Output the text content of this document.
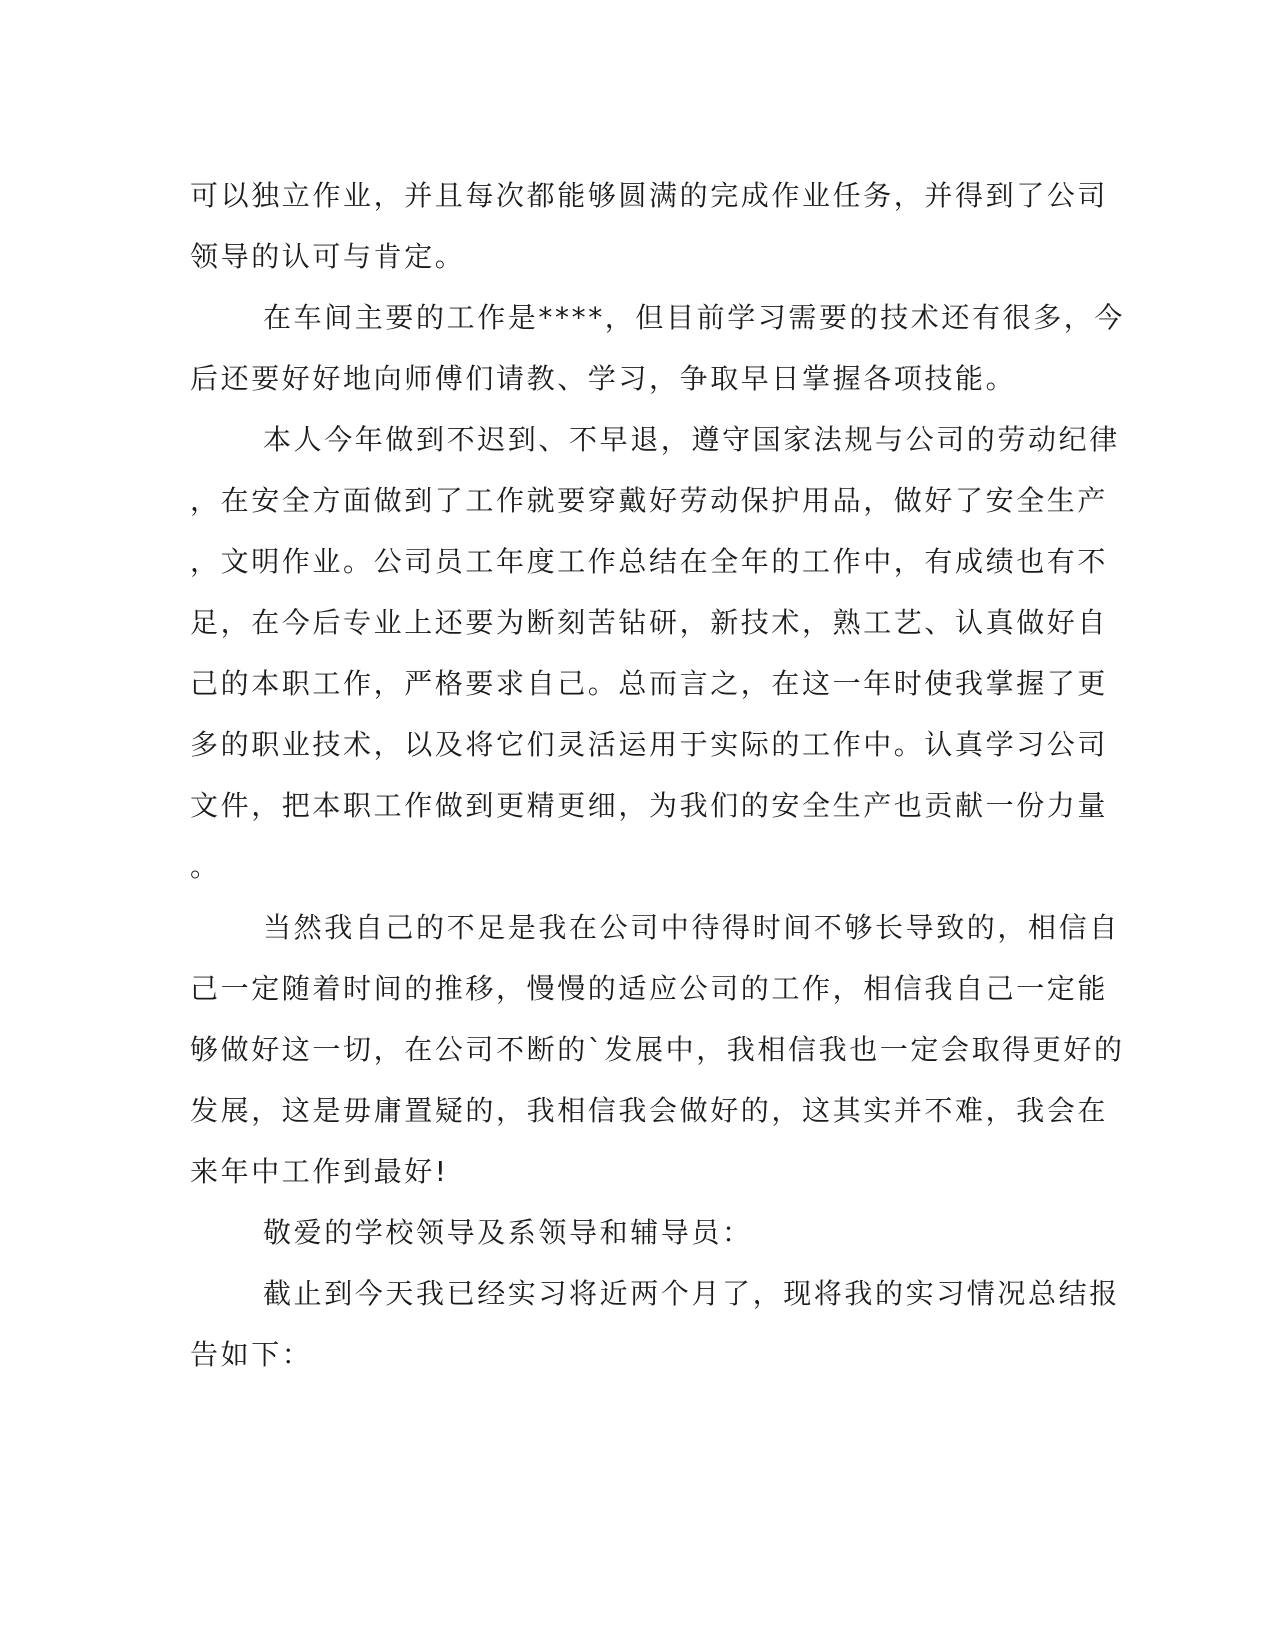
可以独立作业，并且每次都能够圆满的完成作业任务，并得到了公司
领导的认可与肯定。
在车间主要的工作是****，但目前学习需要的技术还有很多，今
后还要好好地向师傅们请教、学习，争取早日掌握各项技能。
本人今年做到不迟到、不早退，遵守国家法规与公司的劳动纪律
，在安全方面做到了工作就要穿戴好劳动保护用品，做好了安全生产
，文明作业。公司员工年度工作总结在全年的工作中，有成绩也有不
足，在今后专业上还要为断刻苦钻研，新技术，熟工艺、认真做好自
己的本职工作，严格要求自己。总而言之，在这一年时使我掌握了更
多的职业技术，以及将它们灵活运用于实际的工作中。认真学习公司
文件，把本职工作做到更精更细，为我们的安全生产也贡献一份力量
。
当然我自己的不足是我在公司中待得时间不够长导致的，相信自
己一定随着时间的推移，慢慢的适应公司的工作，相信我自己一定能
够做好这一切，在公司不断的`发展中，我相信我也一定会取得更好的
发展，这是毋庸置疑的，我相信我会做好的，这其实并不难，我会在
来年中工作到最好!
敬爱的学校领导及系领导和辅导员：
截止到今天我已经实习将近两个月了，现将我的实习情况总结报
告如下：
